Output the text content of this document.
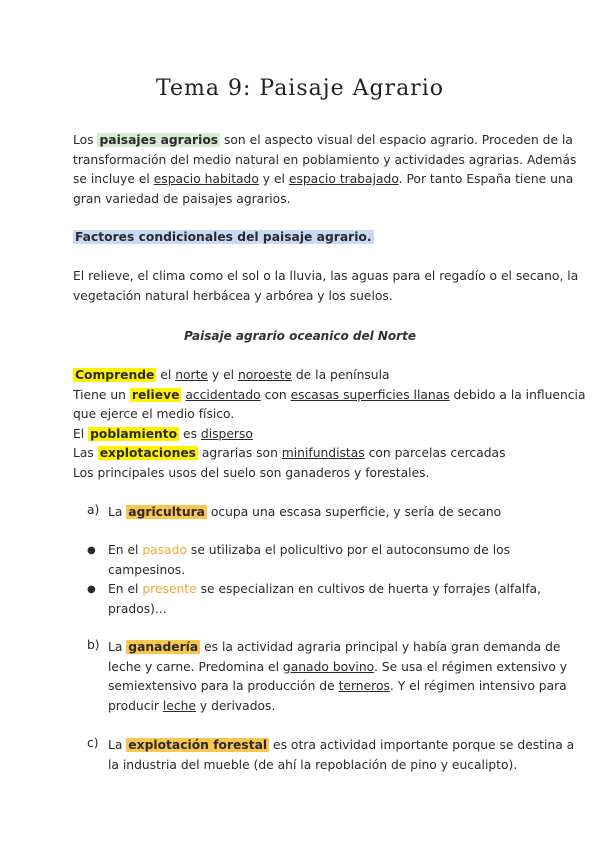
Tema 9: Paisaje Agrario
Los paisajes agrarios son el aspecto visual del espacio agrario. Proceden de la
transformación del medio natural en poblamiento y actividades agrarias. Además
se incluye el espacio habitado y el espacio trabajado. Por tanto España tiene una
gran variedad de paisajes agrarios.
Factores condicionales del paisaje agrario.
El relieve, el clima como el sol o la lluvia, las aguas para el regadío o el secano, la
vegetación natural herbácea y arbórea y los suelos.
Paisaje agrario oceanico del Norte
Comprende el norte y el noroeste de la península
Tiene un relieve accidentado con escasas superficies llanas debido a la influencia
que ejerce el medio físico.
El poblamiento es disperso
Las explotaciones agrarias son minifundistas con parcelas cercadas
Los principales usos del suelo son ganaderos y forestales.
a) La agricultura ocupa una escasa superficie, y sería de secano
● En el pasado se utilizaba el policultivo por el autoconsumo de los
campesinos.
● En el presente se especializan en cultivos de huerta y forrajes (alfalfa,
prados)...
b) La ganadería es la actividad agraria principal y había gran demanda de
leche y carne. Predomina el ganado bovino. Se usa el régimen extensivo y
semiextensivo para la producción de terneros. Y el régimen intensivo para
producir leche y derivados.
c) La explotación forestal es otra actividad importante porque se destina a
la industria del mueble (de ahí la repoblación de pino y eucalipto).
